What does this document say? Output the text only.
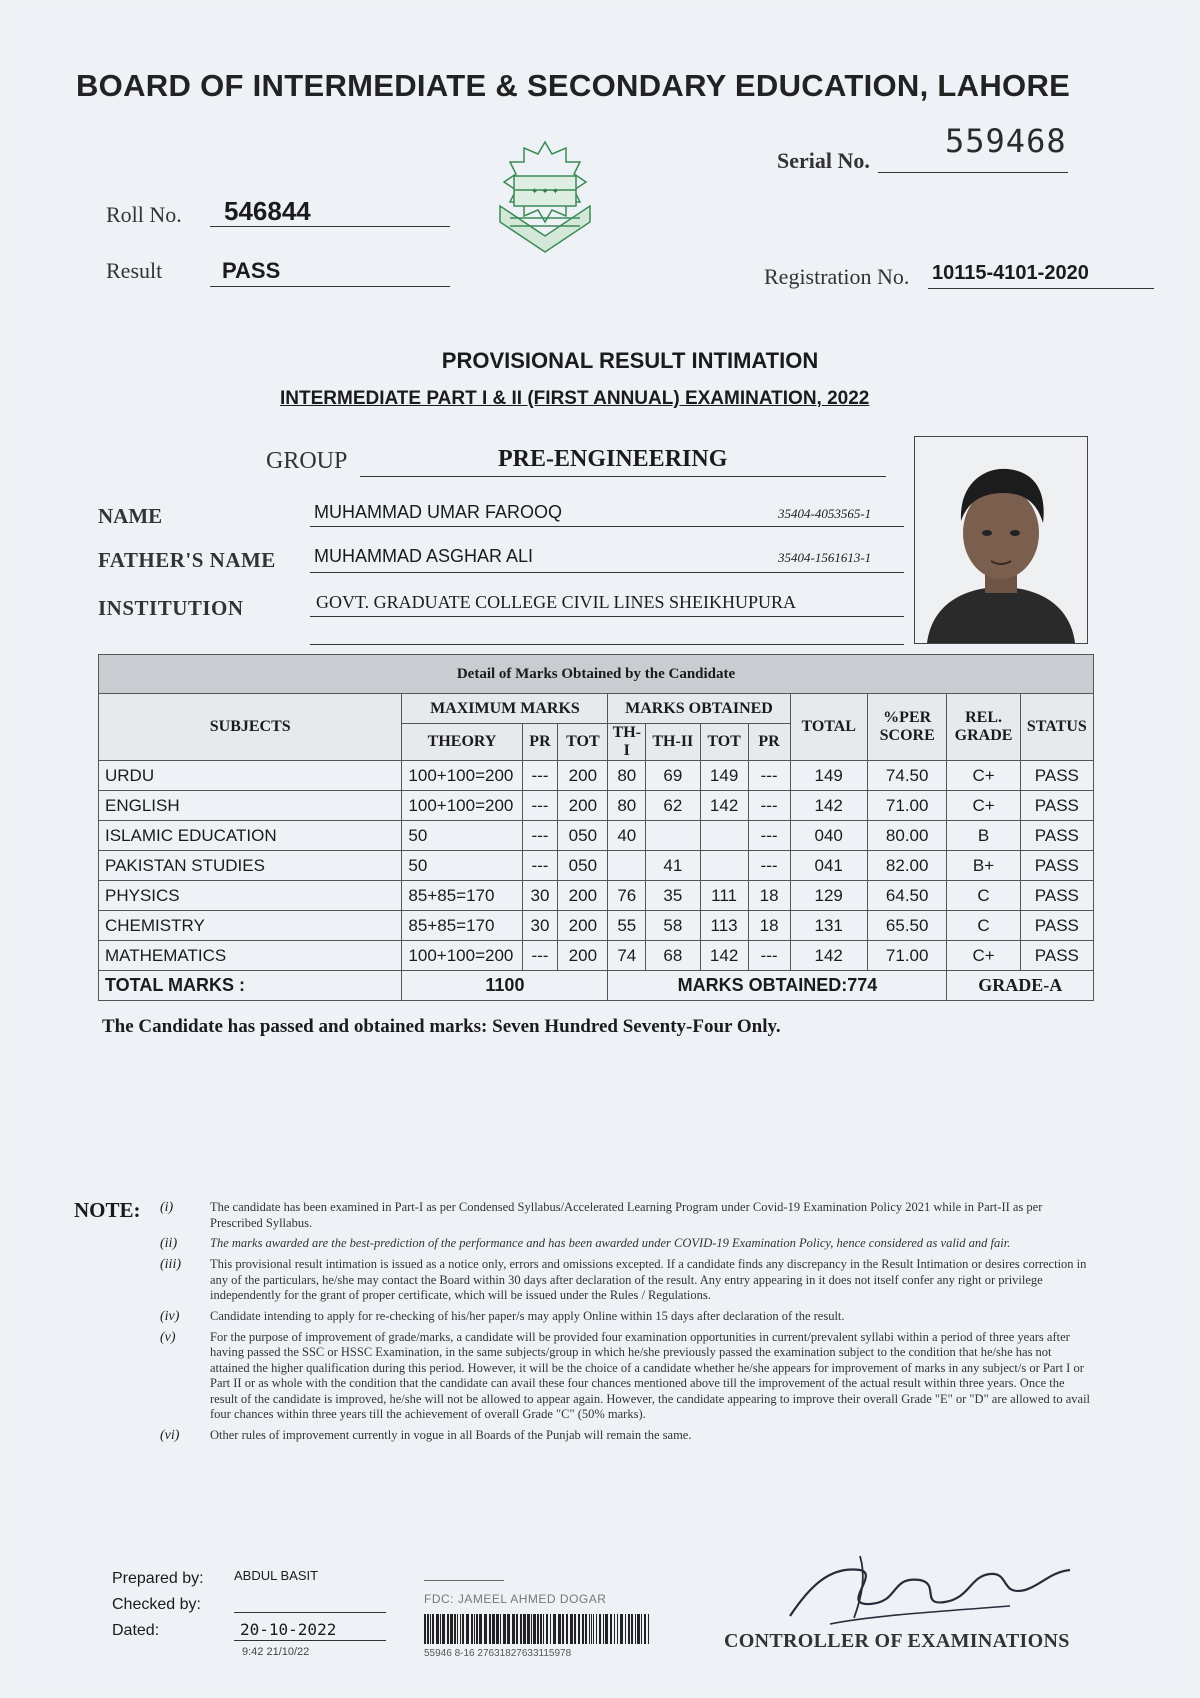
BOARD OF INTERMEDIATE & SECONDARY EDUCATION, LAHORE
✦ ✦ ✦
Serial No.
559468
Roll No. 546844
Result	PASS	Registration No. 10115-4101-2020
PROVISIONAL RESULT INTIMATION
INTERMEDIATE PART I & II (FIRST ANNUAL) EXAMINATION, 2022
GROUP	PRE-ENGINEERING
NAME	MUHAMMAD UMAR FAROOQ	35404-4053565-1
FATHER'S NAME MUHAMMAD ASGHAR ALI	35404-1561613-1
INSTITUTION	GOVT. GRADUATE COLLEGE CIVIL LINES SHEIKHUPURA
Detail of Marks Obtained by the Candidate											
SUBJECTS	MAXIMUM MARKS			MARKS OBTAINED				TOTAL	%PER SCORE	REL. GRADE	STATUS
	THEORY	PR	TOT	TH-I	TH-II	TOT	PR				
URDU	100+100=200	---	200	80	69	149	---	149	74.50	C+	PASS
ENGLISH	100+100=200	---	200	80	62	142	---	142	71.00	C+	PASS
ISLAMIC EDUCATION	50	---	050	40			---	040	80.00	B	PASS
PAKISTAN STUDIES	50	---	050		41		---	041	82.00	B+	PASS
PHYSICS	85+85=170	30	200	76	35	111	18	129	64.50	C	PASS
CHEMISTRY	85+85=170	30	200	55	58	113	18	131	65.50	C	PASS
MATHEMATICS	100+100=200	---	200	74	68	142	---	142	71.00	C+	PASS
TOTAL MARKS :	1100			MARKS OBTAINED:774						GRADE-A	
The Candidate has passed and obtained marks: Seven Hundred Seventy-Four Only.
NOTE: (i)	The candidate has been examined in Part-I as per Condensed Syllabus/Accelerated Learning Program under Covid-19 Examination Policy 2021 while in Part-II as per Prescribed Syllabus.
(ii)	The marks awarded are the best-prediction of the performance and has been awarded under COVID-19 Examination Policy, hence considered as valid and fair.
(iii)	This provisional result intimation is issued as a notice only, errors and omissions excepted. If a candidate finds any discrepancy in the Result Intimation or desires correction in any of the particulars, he/she may contact the Board within 30 days after declaration of the result. Any entry appearing in it does not itself confer any right or privilege independently for the grant of proper certificate, which will be issued under the Rules / Regulations.
(iv)	Candidate intending to apply for re-checking of his/her paper/s may apply Online within 15 days after declaration of the result.
(v)	For the purpose of improvement of grade/marks, a candidate will be provided four examination opportunities in current/prevalent syllabi within a period of three years after having passed the SSC or HSSC Examination, in the same subjects/group in which he/she previously passed the examination subject to the condition that he/she has not attained the higher qualification during this period. However, it will be the choice of a candidate whether he/she appears for improvement of marks in any subject/s or Part I or Part II or as whole with the condition that the candidate can avail these four chances mentioned above till the improvement of the actual result within three years. Once the result of the candidate is improved, he/she will not be allowed to appear again. However, the candidate appearing to improve their overall Grade "E" or "D" are allowed to avail four chances within three years till the achievement of overall Grade "C" (50% marks).
(vi)	Other rules of improvement currently in vogue in all Boards of the Punjab will remain the same.
Prepared by: ABDUL BASIT
Checked by:
Dated:	20-10-2022
9:42 21/10/22
FDC: JAMEEL AHMED DOGAR
55946 8-16 27631827633115978
CONTROLLER OF EXAMINATIONS
